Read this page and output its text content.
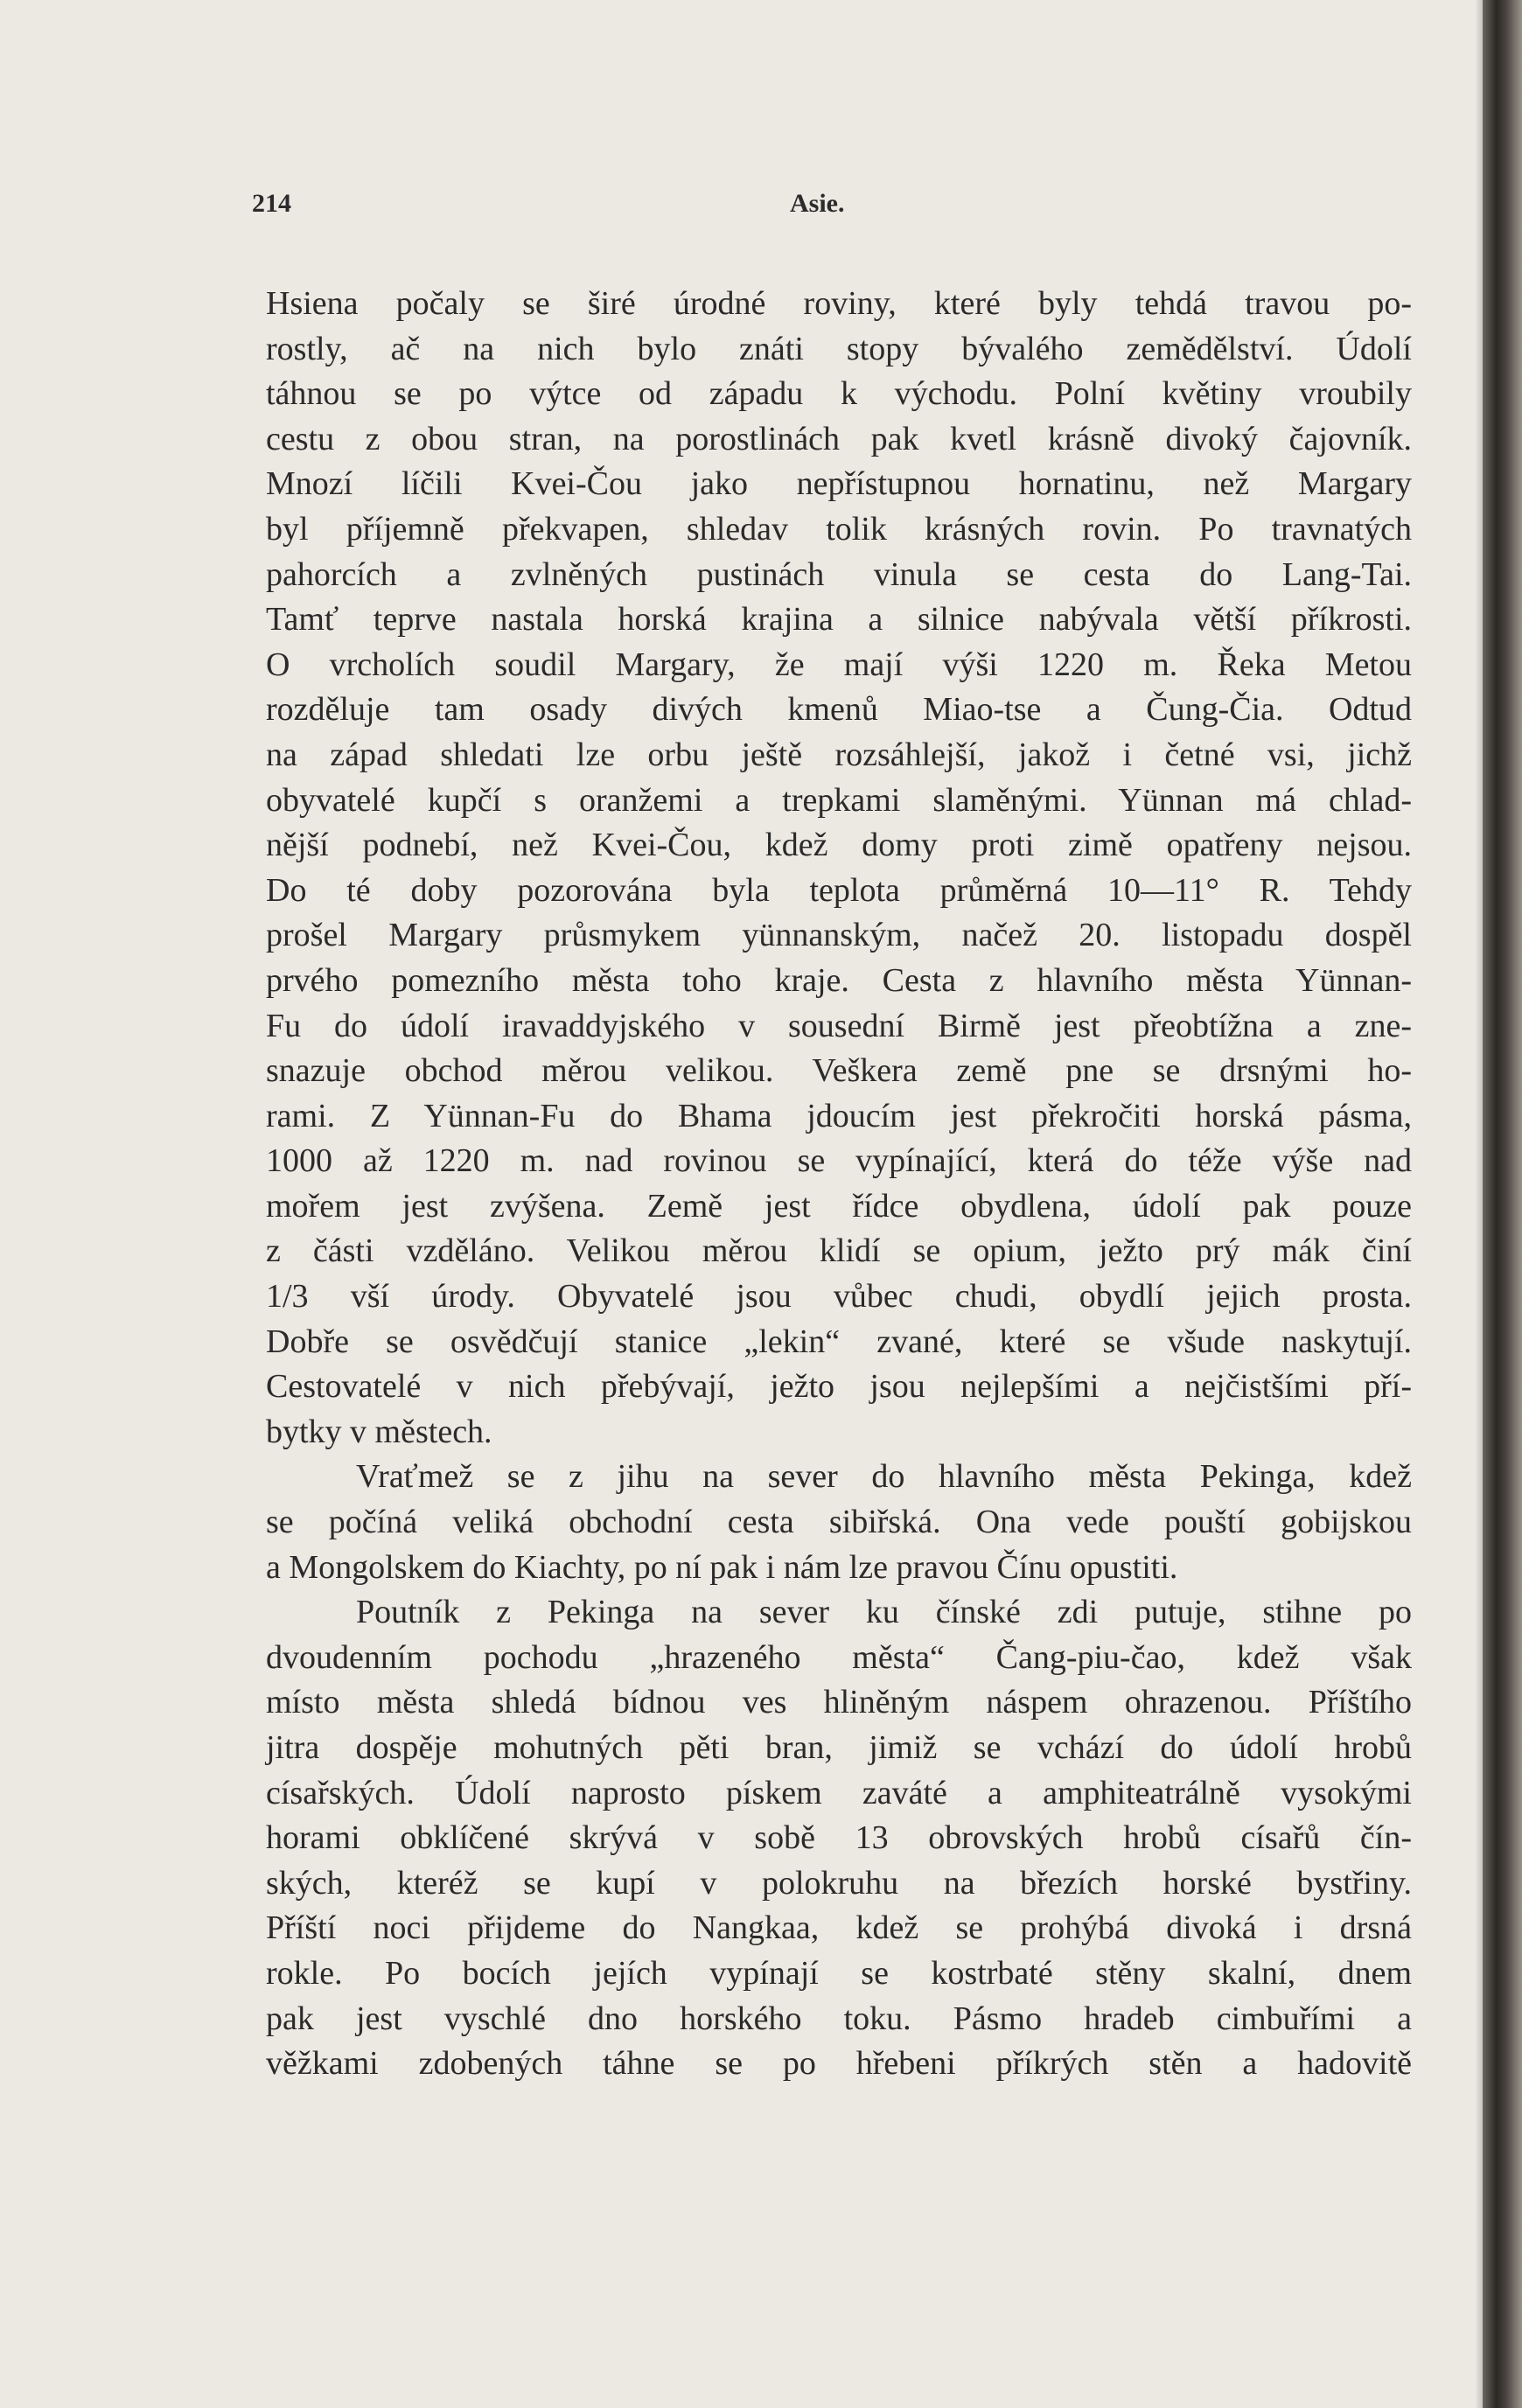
214	Asie.
Hsiena počaly se širé úrodné roviny, které byly tehdá travou po-
rostly, ač na nich bylo znáti stopy bývalého zemědělství. Údolí
táhnou se po výtce od západu k východu. Polní květiny vroubily
cestu z obou stran, na porostlinách pak kvetl krásně divoký čajovník.
Mnozí líčili Kvei-Čou jako nepřístupnou hornatinu, než Margary
byl příjemně překvapen, shledav tolik krásných rovin. Po travnatých
pahorcích a zvlněných pustinách vinula se cesta do Lang-Tai.
Tamť teprve nastala horská krajina a silnice nabývala větší příkrosti.
O vrcholích soudil Margary, že mají výši 1220 m. Řeka Metou
rozděluje tam osady divých kmenů Miao-tse a Čung-Čia. Odtud
na západ shledati lze orbu ještě rozsáhlejší, jakož i četné vsi, jichž
obyvatelé kupčí s oranžemi a trepkami slaměnými. Yünnan má chlad-
nější podnebí, než Kvei-Čou, kdež domy proti zimě opatřeny nejsou.
Do té doby pozorována byla teplota průměrná 10—11° R. Tehdy
prošel Margary průsmykem yünnanským, načež 20. listopadu dospěl
prvého pomezního města toho kraje. Cesta z hlavního města Yünnan-
Fu do údolí iravaddyjského v sousední Birmě jest přeobtížna a zne-
snazuje obchod měrou velikou. Veškera země pne se drsnými ho-
rami. Z Yünnan-Fu do Bhama jdoucím jest překročiti horská pásma,
1000 až 1220 m. nad rovinou se vypínající, která do téže výše nad
mořem jest zvýšena. Země jest řídce obydlena, údolí pak pouze
z části vzděláno. Velikou měrou klidí se opium, ježto prý mák činí
1/3 vší úrody. Obyvatelé jsou vůbec chudi, obydlí jejich prosta.
Dobře se osvědčují stanice „lekin“ zvané, které se všude naskytují.
Cestovatelé v nich přebývají, ježto jsou nejlepšími a nejčistšími pří-
bytky v městech.
Vraťmež se z jihu na sever do hlavního města Pekinga, kdež
se počíná veliká obchodní cesta sibiřská. Ona vede pouští gobijskou
a Mongolskem do Kiachty, po ní pak i nám lze pravou Čínu opustiti.
Poutník z Pekinga na sever ku čínské zdi putuje, stihne po
dvoudenním pochodu „hrazeného města“ Čang-piu-čao, kdež však
místo města shledá bídnou ves hliněným náspem ohrazenou. Příštího
jitra dospěje mohutných pěti bran, jimiž se vchází do údolí hrobů
císařských. Údolí naprosto pískem zaváté a amphiteatrálně vysokými
horami obklíčené skrývá v sobě 13 obrovských hrobů císařů čín-
ských, kteréž se kupí v polokruhu na březích horské bystřiny.
Příští noci přijdeme do Nangkaa, kdež se prohýbá divoká i drsná
rokle. Po bocích jejích vypínají se kostrbaté stěny skalní, dnem
pak jest vyschlé dno horského toku. Pásmo hradeb cimbuřími a
věžkami zdobených táhne se po hřebeni příkrých stěn a hadovitě
